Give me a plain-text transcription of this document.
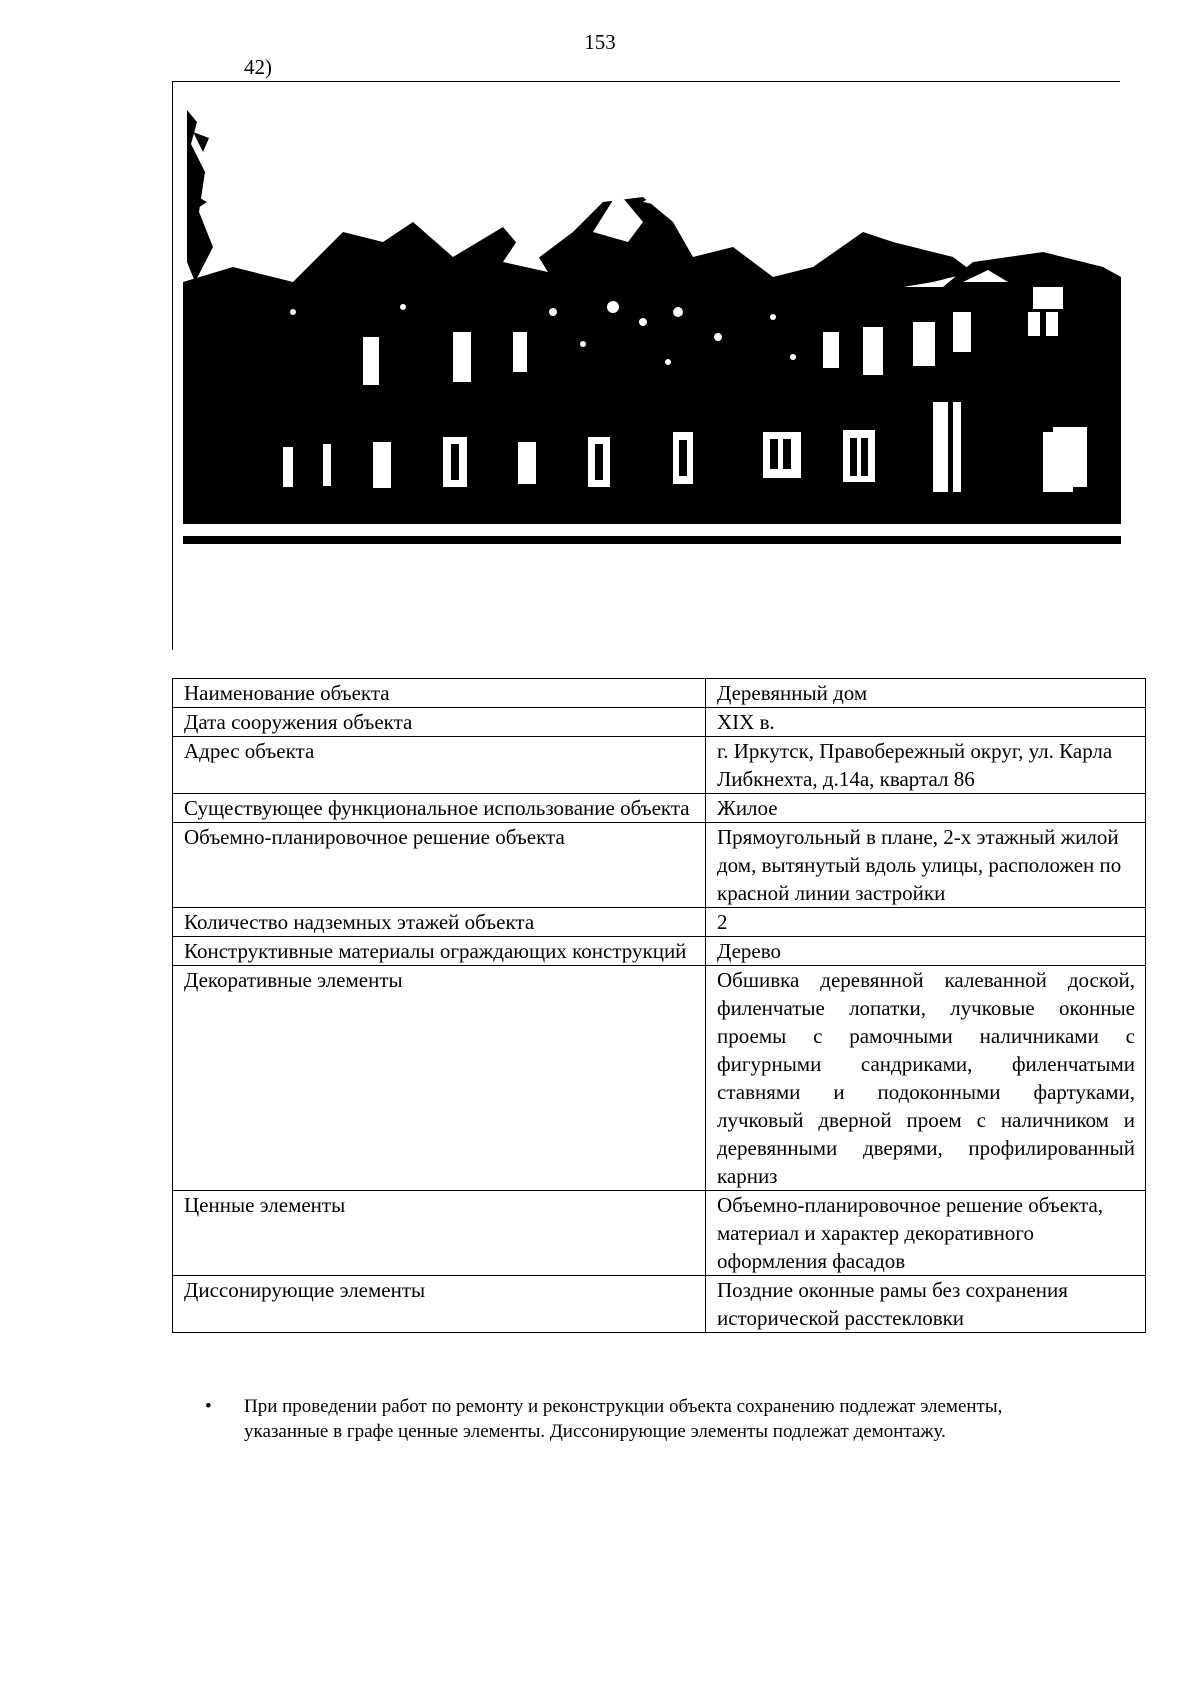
153
42)
Наименование объекта	Деревянный дом
Дата сооружения объекта	XIX в.
Адрес объекта	г. Иркутск, Правобережный округ, ул. Карла Либкнехта, д.14а, квартал 86
Существующее функциональное использование объекта	Жилое
Объемно-планировочное решение объекта	Прямоугольный в плане, 2-х этажный жилой дом, вытянутый вдоль улицы, расположен по красной линии застройки
Количество надземных этажей объекта	2
Конструктивные материалы ограждающих конструкций	Дерево
Декоративные элементы	Обшивка деревянной калеванной доской, филенчатые лопатки, лучковые оконные проемы с рамочными наличниками с фигурными сандриками, филенчатыми ставнями и подоконными фартуками, лучковый дверной проем с наличником и деревянными дверями, профилированный карниз
Ценные элементы	Объемно-планировочное решение объекта, материал и характер декоративного оформления фасадов
Диссонирующие элементы	Поздние оконные рамы без сохранения исторической расстекловки
• При проведении работ по ремонту и реконструкции объекта сохранению подлежат элементы, указанные в графе ценные элементы. Диссонирующие элементы подлежат демонтажу.
